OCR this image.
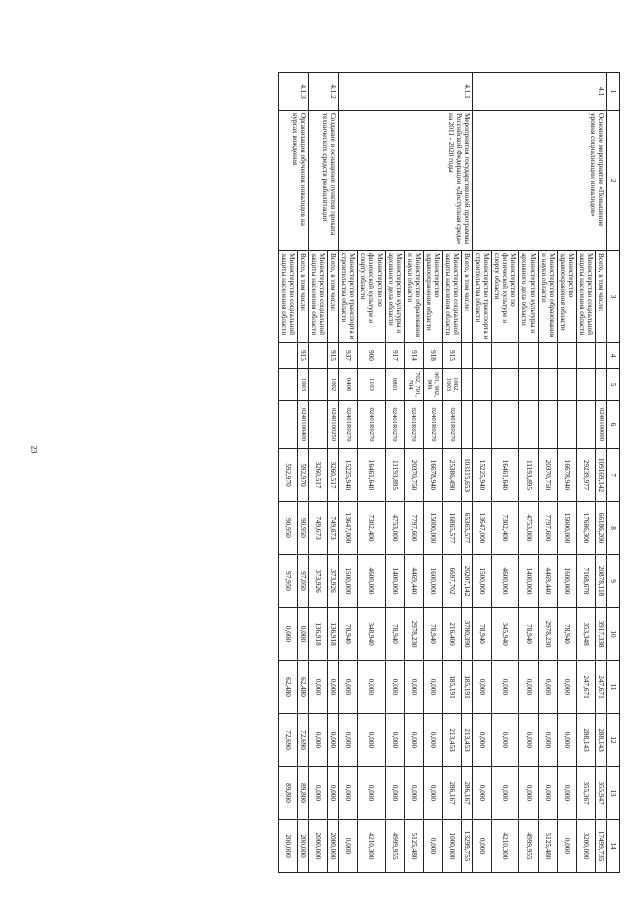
23
1	2	3	4	5	6	7	8	9	10	11	12	13	14
4.1	Основное мероприятие «Повышение уровня социализации инвалидов»	Всего, в том числе:			0240100000	109169,142	66186,200	20878,118	3917,338	247,671	288,143	355,947	17499,735
		Министерство социальной защиты населения области				29239,977	17686,300	7168,678	353,348	247,671	288,143	355,367	3200,000
		Министерство здравоохранения области				16678,940	15000,000	1600,000	78,940	0,000	0,000	0,000	0,000
		Министерство образования и науки области				20370,750	7797,600	4469,440	2978,230	0,000	0,000	0,000	5125,480
		Министерство культуры и архивного дела области				11193,895	4753,000	1400,000	78,940	0,000	0,000	0,000	4999,955
		Министерство по физической культуре и спорту области				16461,640	7302,400	4600,000	345,940	0,000	0,000	0,000	4210,300
		Министерство транспорта и строительства области				15225,940	13647,000	1500,000	78,940	0,000	0,000	0,000	0,000
4.1.1	Мероприятия государственной программы Российской Федерации «Доступная среда» на 2011 - 2020 годы	Всего, в том числе:				103115,653	65365,577	20207,142	3780,390	185,191	213,453	286,167	13299,755
		Министерство социальной защиты населения области	915	1002, 1003	02401R0270	25386,490	16865,577	6697,702	216,400	185,191	213,453	286,167	1000,000
		Министерство здравоохранения области	918	901, 902, 909	02401R0270	16678,940	15000,000	1600,000	78,940	0,000	0,000	0,000	0,000
		Министерство образования и науки области	914	702, 701, 704	02401R0270	20370,750	7797,600	4469,440	2978,230	0,000	0,000	0,000	5125,480
		Министерство культуры и архивного дела области	917	0801	02401R0270	11193,895	4753,000	1400,000	78,940	0,000	0,000	0,000	4999,955
		Министерство по физической культуре и спорту области	900	1103	02401R0270	16461,640	7302,400	4600,000	348,940	0,000	0,000	0,000	4210,300
		Министерство транспорта и строительства области	937	0408	02401R0270	15225,940	13647,000	1500,000	78,940	0,000	0,000	0,000	0,000
4.1.2	Создание и оснащение пунктов проката технических средств реабилитации	Всего, в том числе:	915	1002	0240100250	3260,517	749,673	373,926	136,918	0,000	0,000	0,000	2000,000
		Министерство социальной защиты населения области				3260,517	749,673	373,926	136,918	0,000	0,000	0,000	2000,000
4.1.3	Организация обучения инвалидов на курсах вождения	Всего, в том числе:	915	1003	0240100400	592,970	90,950	97,050	0,000	62,480	72,690	89,800	200,000
		Министерство социальной защиты населения области				592,970	90,950	97,950	0,000	62,480	72,690	89,800	200,000
